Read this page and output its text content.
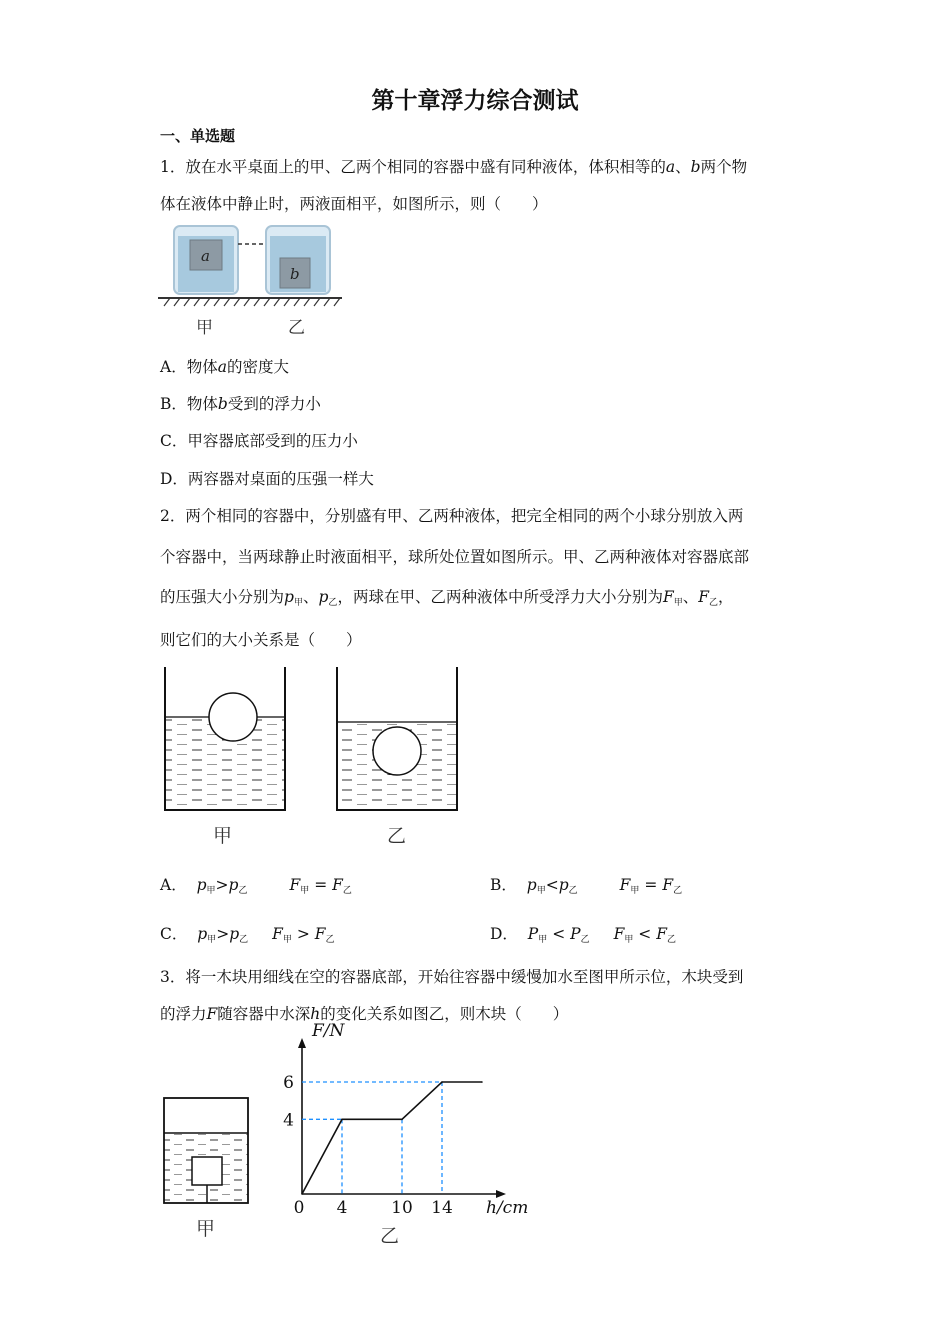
第十章浮力综合测试
一、单选题
1．放在水平桌面上的甲、乙两个相同的容器中盛有同种液体，体积相等的a、b两个物
体在液体中静止时，两液面相平，如图所示，则（　　）
a
b
甲	乙
A．物体a的密度大
B．物体b受到的浮力小
C．甲容器底部受到的压力小
D．两容器对桌面的压强一样大
2．两个相同的容器中，分别盛有甲、乙两种液体，把完全相同的两个小球分别放入两
个容器中，当两球静止时液面相平，球所处位置如图所示。甲、乙两种液体对容器底部
的压强大小分别为$p_甲$、$p_乙$，两球在甲、乙两种液体中所受浮力大小分别为$F_甲$、$F_乙$，
则它们的大小关系是（　　）
甲	乙
A． $p_甲>p_乙$	$F_甲 = F_乙$	B． $p_甲<p_乙$	$F_甲 = F_乙$
C． $p_甲>p_乙$ $F_甲 > F_乙$	D． $P_甲 < P_乙$ $F_甲 < F_乙$
3．将一木块用细线在空的容器底部，开始往容器中缓慢加水至图甲所示位，木块受到
的浮力F随容器中水深h的变化关系如图乙，则木块（　　）
甲
F/N
h/cm
0
4
6
4	10 14
乙
